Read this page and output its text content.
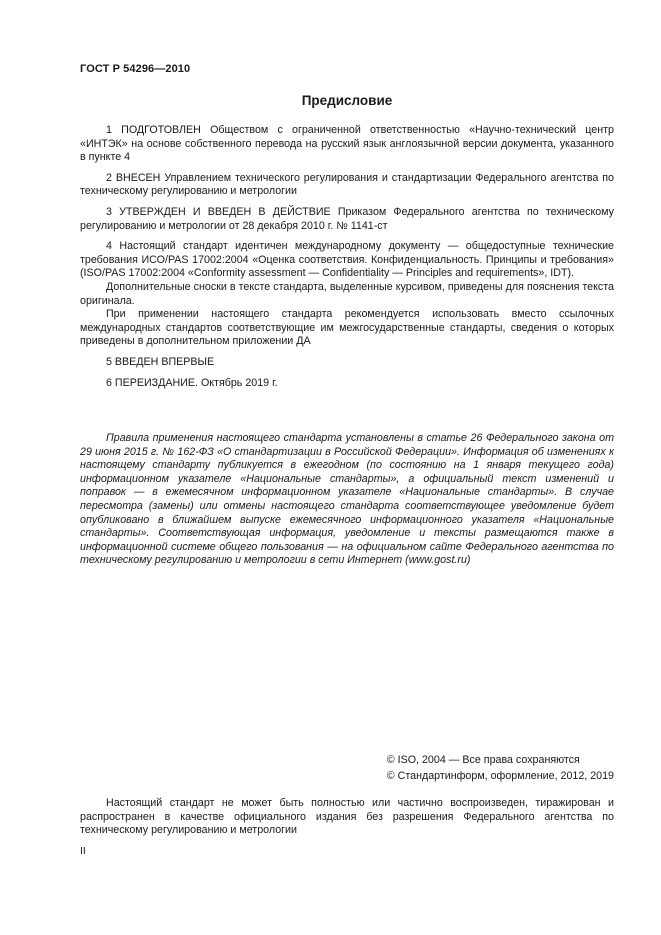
ГОСТ Р 54296—2010
Предисловие

1 ПОДГОТОВЛЕН Обществом с ограниченной ответственностью «Научно-технический центр «ИНТЭК» на основе собственного перевода на русский язык англоязычной версии документа, указанного в пункте 4

2 ВНЕСЕН Управлением технического регулирования и стандартизации Федерального агентства по техническому регулированию и метрологии

3 УТВЕРЖДЕН И ВВЕДЕН В ДЕЙСТВИЕ Приказом Федерального агентства по техническому регулированию и метрологии от 28 декабря 2010 г. № 1141-ст

4 Настоящий стандарт идентичен международному документу — общедоступные технические требования ИСО/PAS 17002:2004 «Оценка соответствия. Конфиденциальность. Принципы и требования» (ISO/PAS 17002:2004 «Conformity assessment — Confidentiality — Principles and requirements», IDT).

Дополнительные сноски в тексте стандарта, выделенные курсивом, приведены для пояснения текста оригинала.

При применении настоящего стандарта рекомендуется использовать вместо ссылочных международных стандартов соответствующие им межгосударственные стандарты, сведения о которых приведены в дополнительном приложении ДА

5 ВВЕДЕН ВПЕРВЫЕ

6 ПЕРЕИЗДАНИЕ. Октябрь 2019 г.

Правила применения настоящего стандарта установлены в статье 26 Федерального закона от 29 июня 2015 г. № 162-ФЗ «О стандартизации в Российской Федерации». Информация об изменениях к настоящему стандарту публикуется в ежегодном (по состоянию на 1 января текущего года) информационном указателе «Национальные стандарты», а официальный текст изменений и поправок — в ежемесячном информационном указателе «Национальные стандарты». В случае пересмотра (замены) или отмены настоящего стандарта соответствующее уведомление будет опубликовано в ближайшем выпуске ежемесячного информационного указателя «Национальные стандарты». Соответствующая информация, уведомление и тексты размещаются также в информационной системе общего пользования — на официальном сайте Федерального агентства по техническому регулированию и метрологии в сети Интернет (www.gost.ru)

© ISO, 2004 — Все права сохраняются
© Стандартинформ, оформление, 2012, 2019

Настоящий стандарт не может быть полностью или частично воспроизведен, тиражирован и распространен в качестве официального издания без разрешения Федерального агентства по техническому регулированию и метрологии

II
